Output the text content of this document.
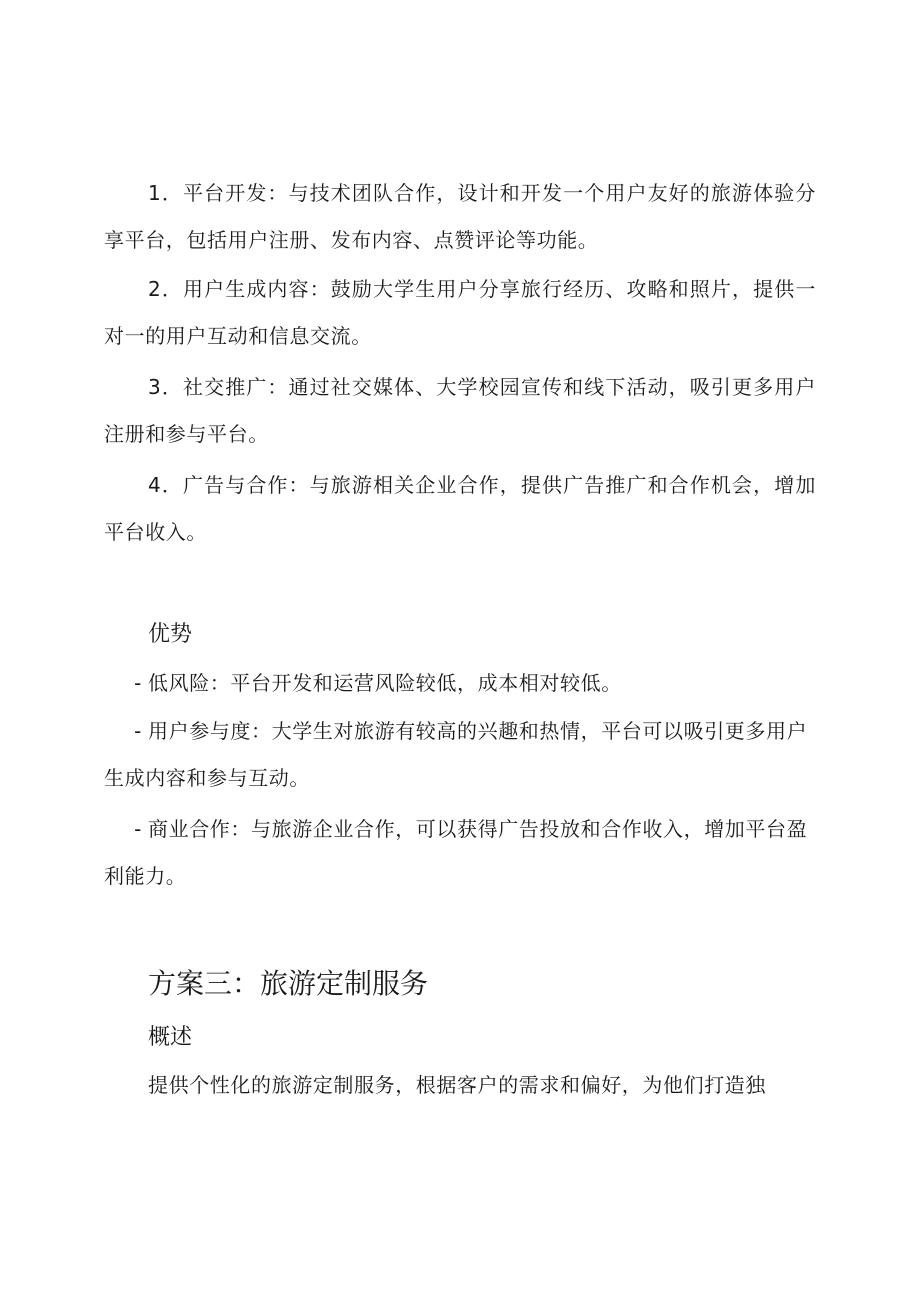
1．平台开发：与技术团队合作，设计和开发一个用户友好的旅游体验分享平台，包括用户注册、发布内容、点赞评论等功能。

2．用户生成内容：鼓励大学生用户分享旅行经历、攻略和照片，提供一对一的用户互动和信息交流。

3．社交推广：通过社交媒体、大学校园宣传和线下活动，吸引更多用户注册和参与平台。

4．广告与合作：与旅游相关企业合作，提供广告推广和合作机会，增加平台收入。

优势

- 低风险：平台开发和运营风险较低，成本相对较低。

- 用户参与度：大学生对旅游有较高的兴趣和热情，平台可以吸引更多用户生成内容和参与互动。

- 商业合作：与旅游企业合作，可以获得广告投放和合作收入，增加平台盈利能力。

方案三：旅游定制服务
概述

提供个性化的旅游定制服务，根据客户的需求和偏好，为他们打造独
